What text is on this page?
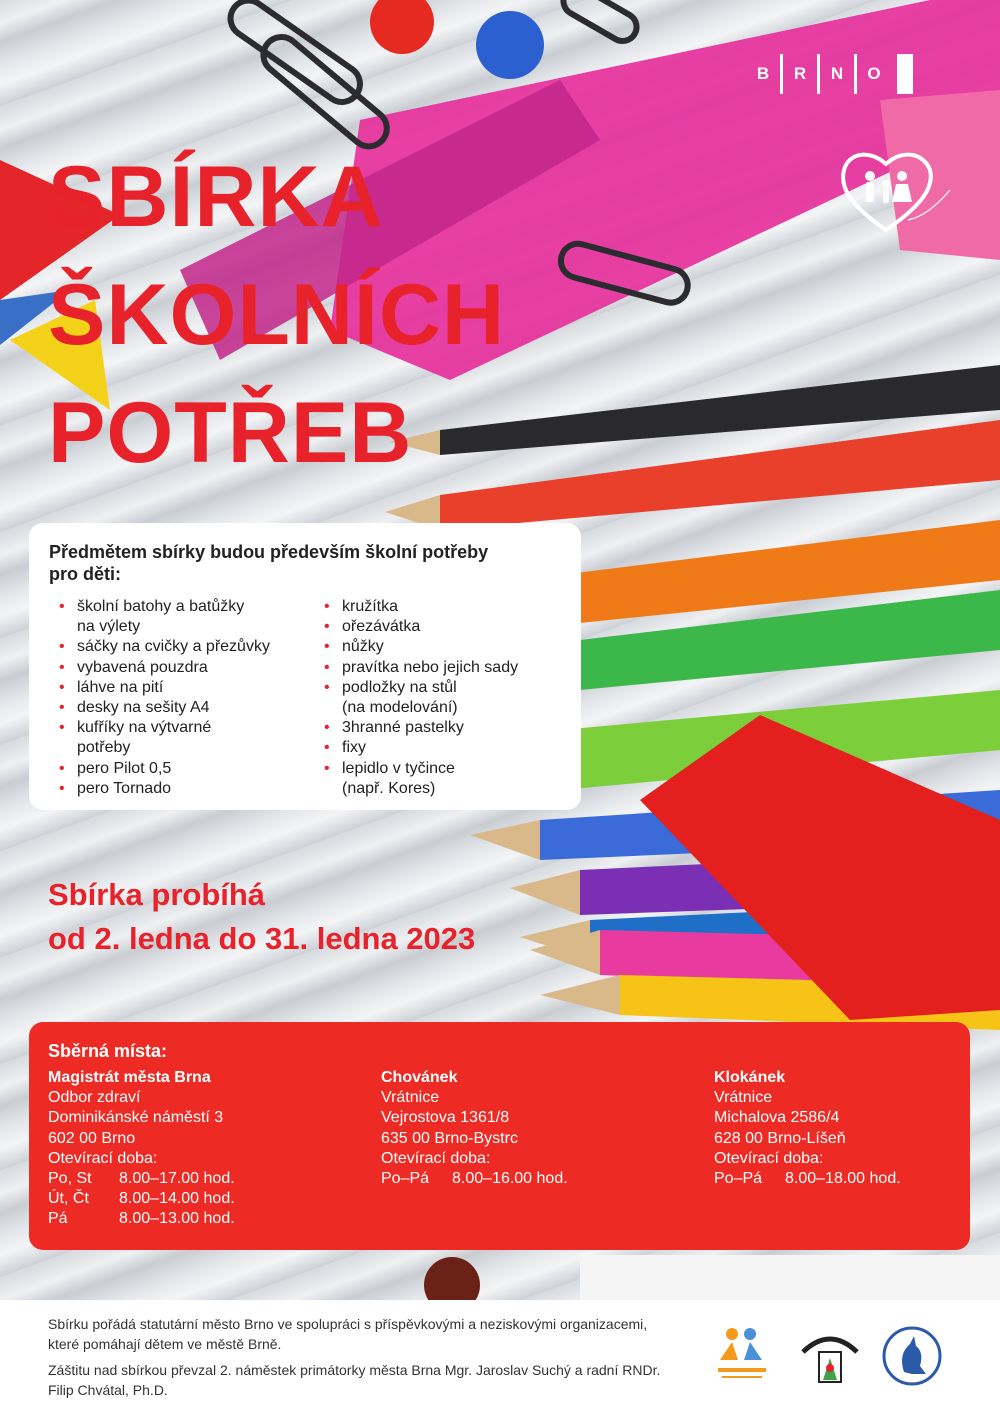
B	R	N	O
SBÍRKA
ŠKOLNÍCH
POTŘEB
Předmětem sbírky budou především školní potřeby pro děti:
• školní batohy a batůžky
na výlety
• sáčky na cvičky a přezůvky
• vybavená pouzdra
• láhve na pití
• desky na sešity A4
• kufříky na výtvarné
potřeby
• pero Pilot 0,5
• pero Tornado
• kružítka
• ořezávátka
• nůžky
• pravítka nebo jejich sady
• podložky na stůl
(na modelování)
• 3hranné pastelky
• fixy
• lepidlo v tyčince
(např. Kores)
Sbírka probíhá
od 2. ledna do 31. ledna 2023
Sběrná místa:
Magistrát města Brna
Odbor zdraví
Dominikánské náměstí 3
602 00 Brno
Otevírací doba:
Po, St	8.00–17.00 hod.
Út, Čt	8.00–14.00 hod.
Pá	8.00–13.00 hod.
Chovánek
Vrátnice
Vejrostova 1361/8
635 00 Brno-Bystrc
Otevírací doba:
Po–Pá	8.00–16.00 hod.
Klokánek
Vrátnice
Michalova 2586/4
628 00 Brno-Líšeň
Otevírací doba:
Po–Pá	8.00–18.00 hod.

Sbírku pořádá statutární město Brno ve spolupráci s příspěvkovými a neziskovými organizacemi, které pomáhají dětem ve městě Brně.

Záštitu nad sbírkou převzal 2. náměstek primátorky města Brna Mgr. Jaroslav Suchý a radní RNDr. Filip Chvátal, Ph.D.
